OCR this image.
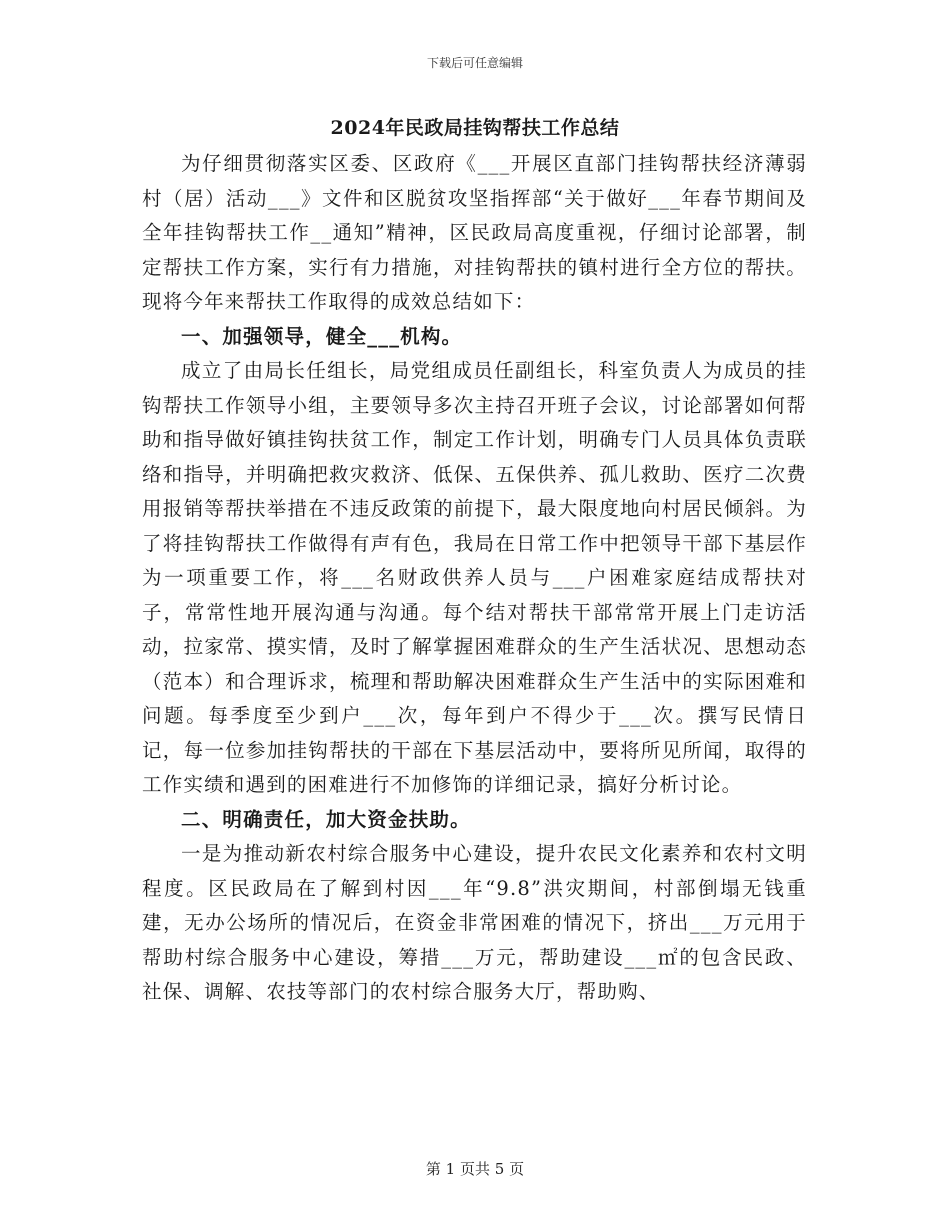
下载后可任意编辑
2024年民政局挂钩帮扶工作总结

为仔细贯彻落实区委、区政府《___开展区直部门挂钩帮扶经济薄弱村（居）活动___》文件和区脱贫攻坚指挥部“关于做好___年春节期间及全年挂钩帮扶工作__通知”精神，区民政局高度重视，仔细讨论部署，制定帮扶工作方案，实行有力措施，对挂钩帮扶的镇村进行全方位的帮扶。现将今年来帮扶工作取得的成效总结如下：

一、加强领导，健全___机构。

成立了由局长任组长，局党组成员任副组长，科室负责人为成员的挂钩帮扶工作领导小组，主要领导多次主持召开班子会议，讨论部署如何帮助和指导做好镇挂钩扶贫工作，制定工作计划，明确专门人员具体负责联络和指导，并明确把救灾救济、低保、五保供养、孤儿救助、医疗二次费用报销等帮扶举措在不违反政策的前提下，最大限度地向村居民倾斜。为了将挂钩帮扶工作做得有声有色，我局在日常工作中把领导干部下基层作为一项重要工作，将___名财政供养人员与___户困难家庭结成帮扶对子，常常性地开展沟通与沟通。每个结对帮扶干部常常开展上门走访活动，拉家常、摸实情，及时了解掌握困难群众的生产生活状况、思想动态（范本）和合理诉求，梳理和帮助解决困难群众生产生活中的实际困难和问题。每季度至少到户___次，每年到户不得少于___次。撰写民情日记，每一位参加挂钩帮扶的干部在下基层活动中，要将所见所闻，取得的工作实绩和遇到的困难进行不加修饰的详细记录，搞好分析讨论。

二、明确责任，加大资金扶助。

一是为推动新农村综合服务中心建设，提升农民文化素养和农村文明程度。区民政局在了解到村因___年“9.8”洪灾期间，村部倒塌无钱重建，无办公场所的情况后，在资金非常困难的情况下，挤出___万元用于帮助村综合服务中心建设，筹措___万元，帮助建设___㎡的包含民政、社保、调解、农技等部门的农村综合服务大厅，帮助购、

第 1 页共 5 页
